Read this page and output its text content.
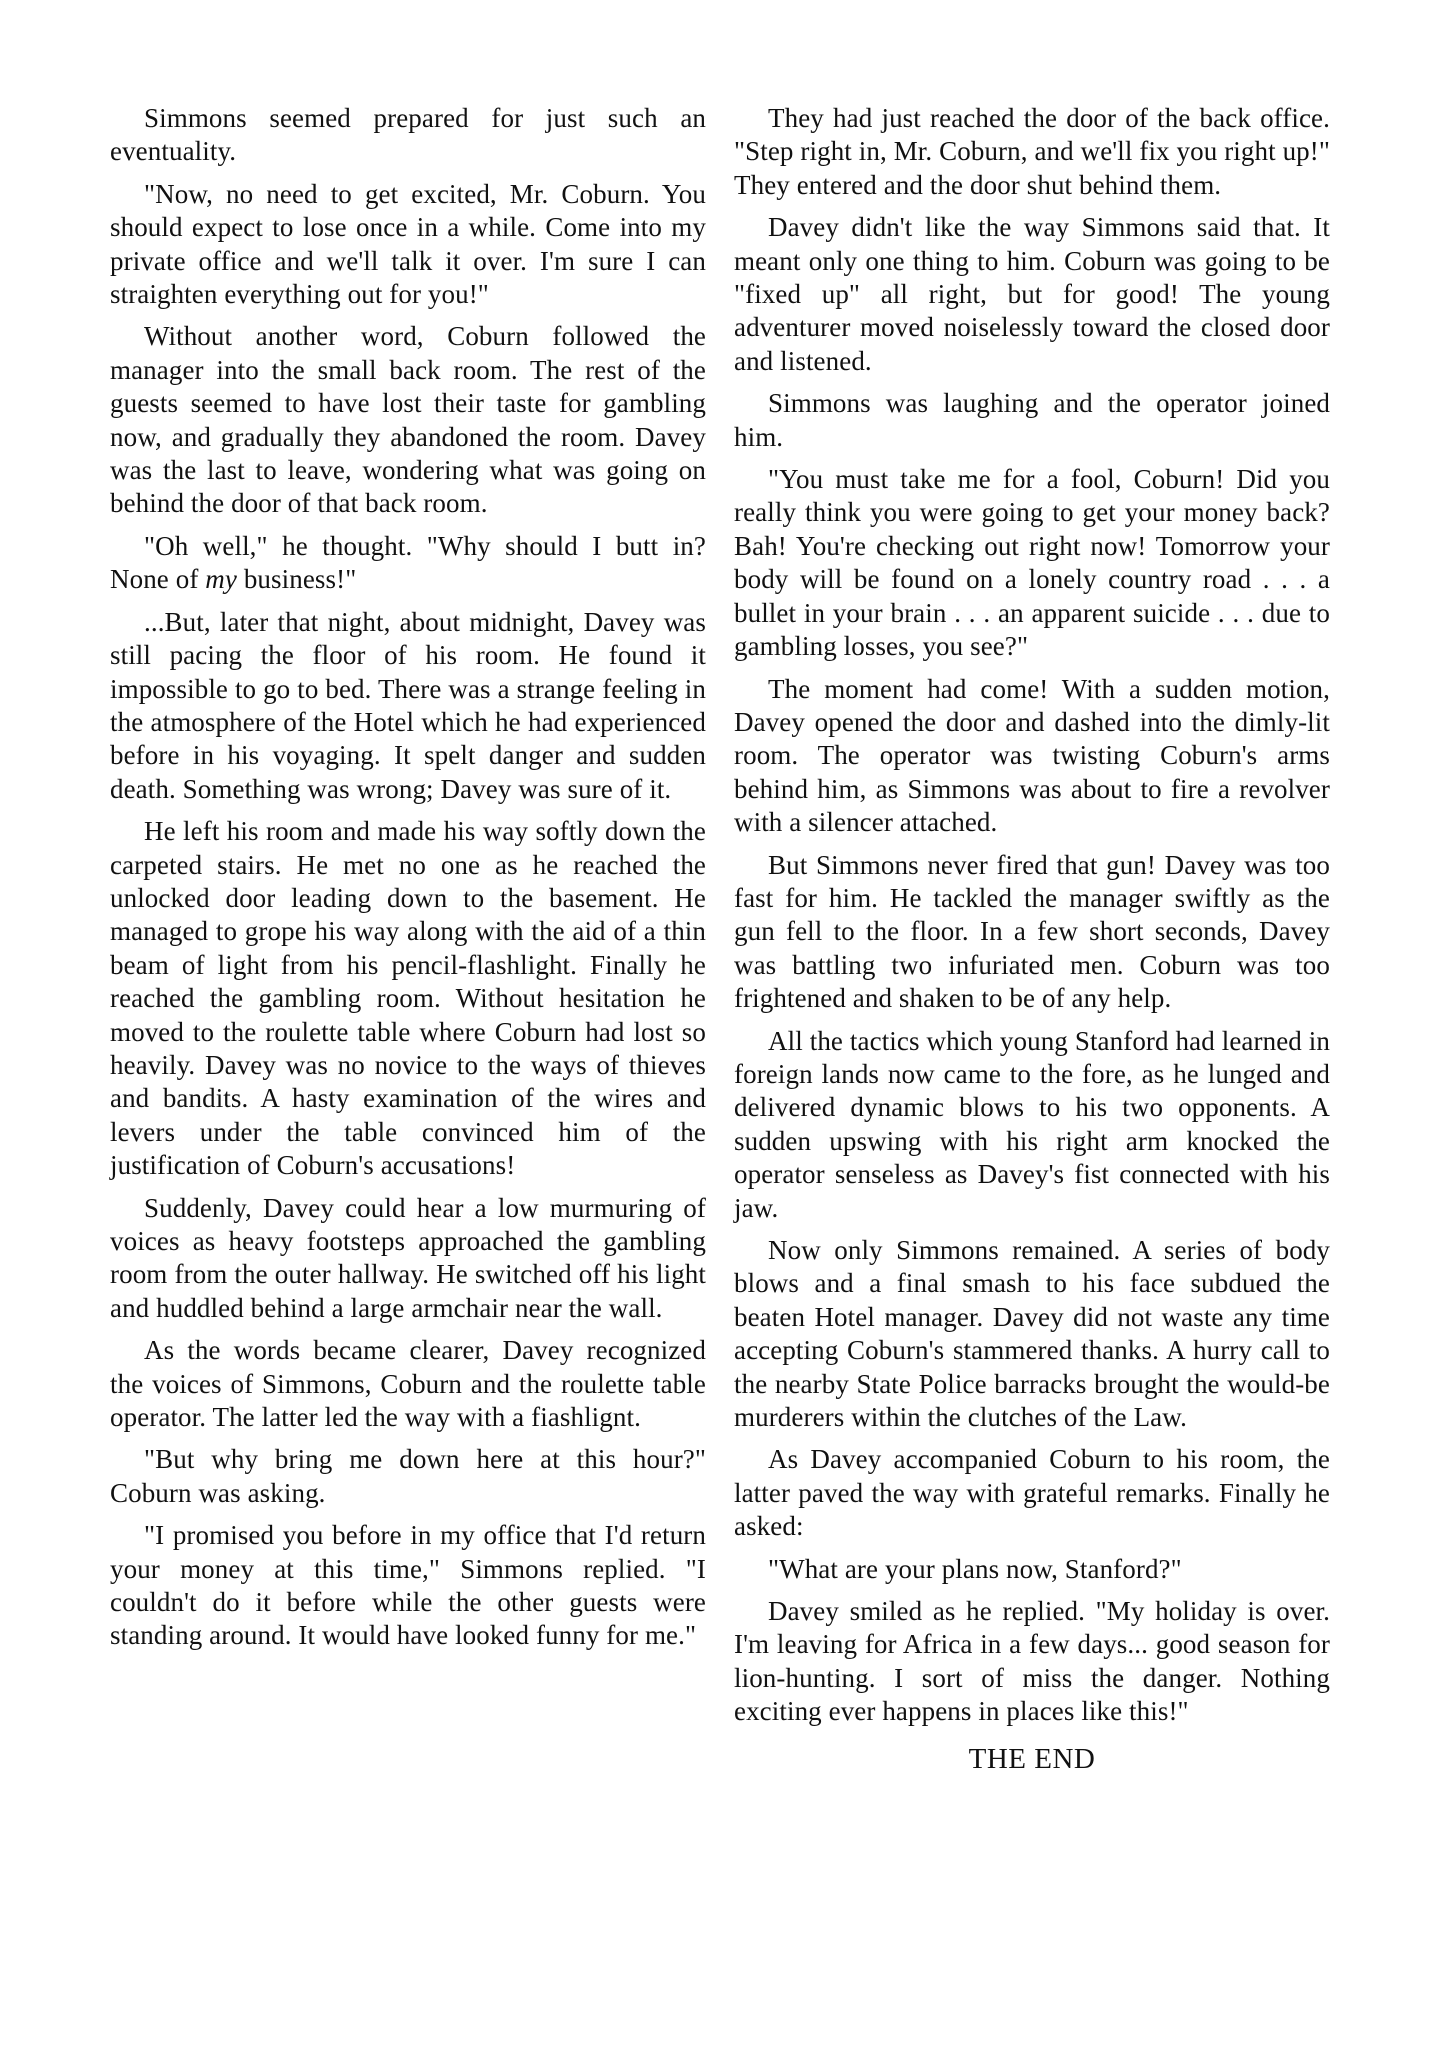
Simmons seemed prepared for just such an eventuality.

"Now, no need to get excited, Mr. Coburn. You should expect to lose once in a while. Come into my private office and we'll talk it over. I'm sure I can straighten everything out for you!"

Without another word, Coburn followed the manager into the small back room. The rest of the guests seemed to have lost their taste for gambling now, and gradually they abandoned the room. Davey was the last to leave, wondering what was going on behind the door of that back room.

"Oh well," he thought. "Why should I butt in? None of my business!"

...But, later that night, about midnight, Davey was still pacing the floor of his room. He found it impossible to go to bed. There was a strange feeling in the atmosphere of the Hotel which he had experienced before in his voyaging. It spelt danger and sudden death. Something was wrong; Davey was sure of it.

He left his room and made his way softly down the carpeted stairs. He met no one as he reached the unlocked door leading down to the basement. He managed to grope his way along with the aid of a thin beam of light from his pencil-flashlight. Finally he reached the gambling room. Without hesitation he moved to the roulette table where Coburn had lost so heavily. Davey was no novice to the ways of thieves and bandits. A hasty examination of the wires and levers under the table convinced him of the justification of Coburn's accusations!

Suddenly, Davey could hear a low murmuring of voices as heavy footsteps approached the gambling room from the outer hallway. He switched off his light and huddled behind a large armchair near the wall.

As the words became clearer, Davey recognized the voices of Simmons, Coburn and the roulette table operator. The latter led the way with a fiashlignt.

"But why bring me down here at this hour?" Coburn was asking.

"I promised you before in my office that I'd return your money at this time," Simmons replied. "I couldn't do it before while the other guests were standing around. It would have looked funny for me."

They had just reached the door of the back office. "Step right in, Mr. Coburn, and we'll fix you right up!" They entered and the door shut behind them.

Davey didn't like the way Simmons said that. It meant only one thing to him. Coburn was going to be "fixed up" all right, but for good! The young adventurer moved noiselessly toward the closed door and listened.

Simmons was laughing and the operator joined him.

"You must take me for a fool, Coburn! Did you really think you were going to get your money back? Bah! You're checking out right now! Tomorrow your body will be found on a lonely country road . . . a bullet in your brain . . . an apparent suicide . . . due to gambling losses, you see?"

The moment had come! With a sudden motion, Davey opened the door and dashed into the dimly-lit room. The operator was twisting Coburn's arms behind him, as Simmons was about to fire a revolver with a silencer attached.

But Simmons never fired that gun! Davey was too fast for him. He tackled the manager swiftly as the gun fell to the floor. In a few short seconds, Davey was battling two infuriated men. Coburn was too frightened and shaken to be of any help.

All the tactics which young Stanford had learned in foreign lands now came to the fore, as he lunged and delivered dynamic blows to his two opponents. A sudden upswing with his right arm knocked the operator senseless as Davey's fist connected with his jaw.

Now only Simmons remained. A series of body blows and a final smash to his face subdued the beaten Hotel manager. Davey did not waste any time accepting Coburn's stammered thanks. A hurry call to the nearby State Police barracks brought the would-be murderers within the clutches of the Law.

As Davey accompanied Coburn to his room, the latter paved the way with grateful remarks. Finally he asked:

"What are your plans now, Stanford?"

Davey smiled as he replied. "My holiday is over. I'm leaving for Africa in a few days... good season for lion-hunting. I sort of miss the danger. Nothing exciting ever happens in places like this!"

THE END
